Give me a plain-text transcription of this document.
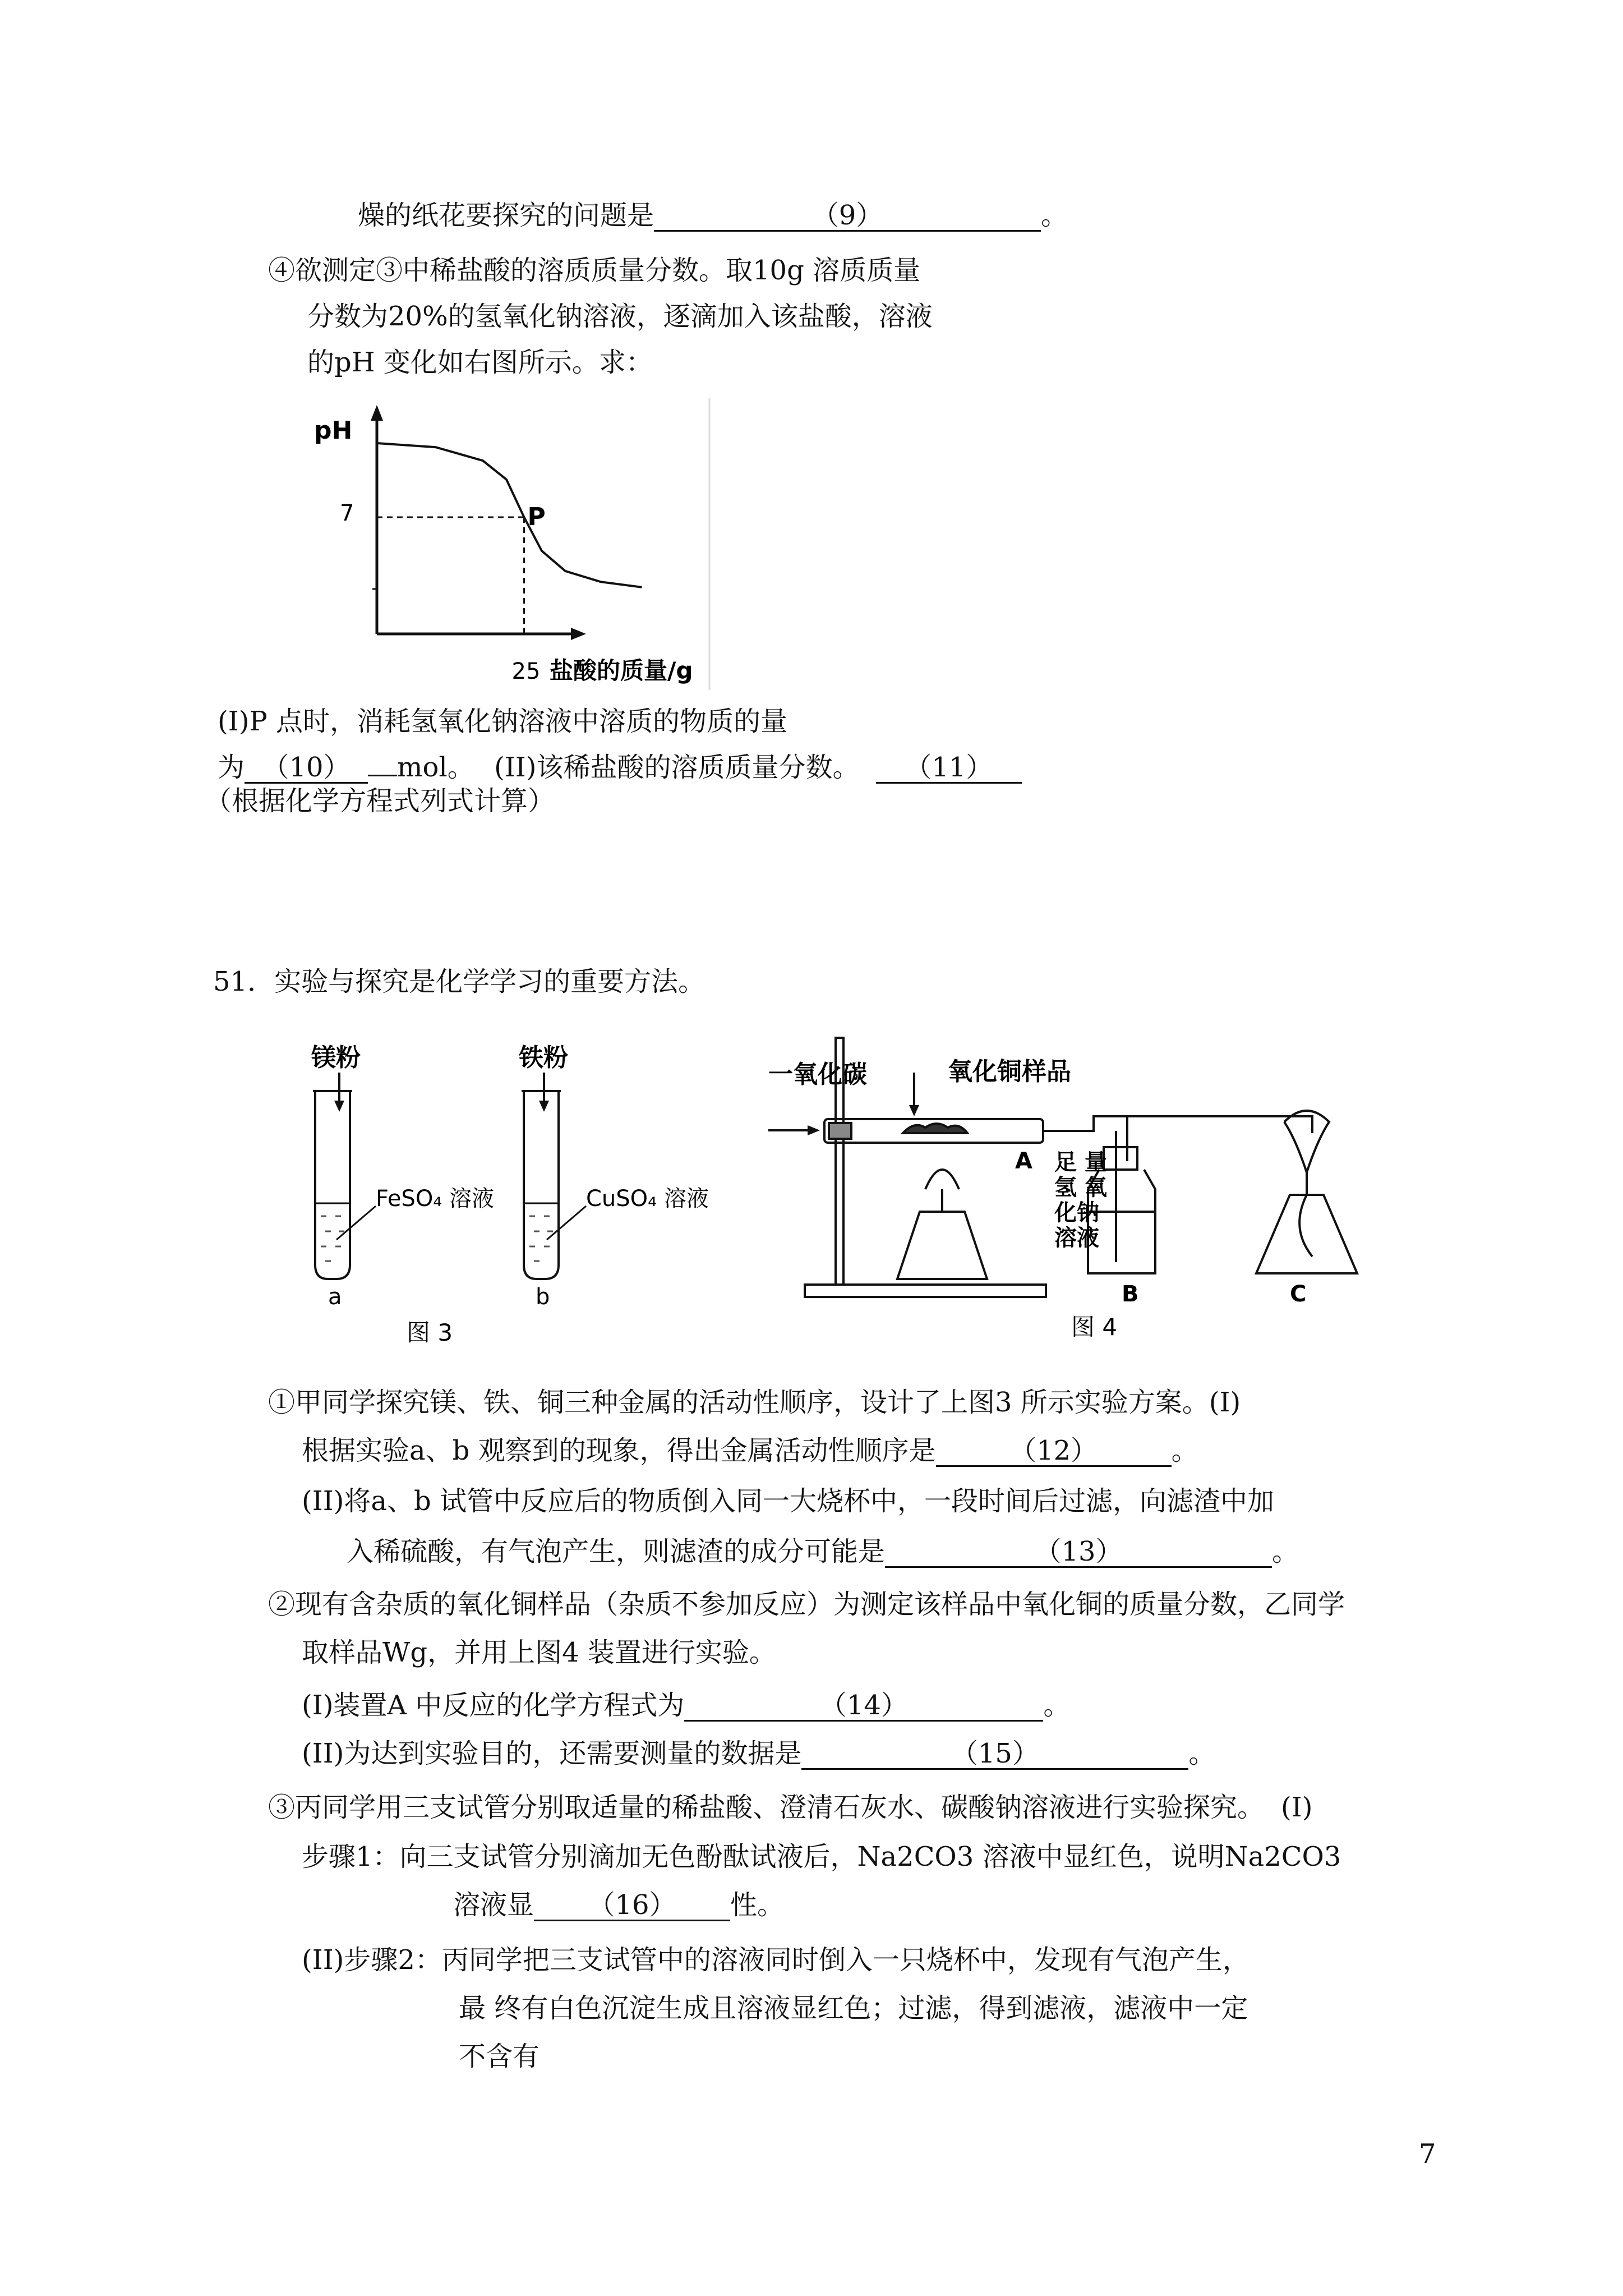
燥的纸花要探究的问题是	（9）	。
④欲测定③中稀盐酸的溶质质量分数。取10g 溶质质量
分数为20%的氢氧化钠溶液，逐滴加入该盐酸，溶液
的pH 变化如右图所示。求：
pH
7	P
25 盐酸的质量/g
(I)P 点时，消耗氢氧化钠溶液中溶质的物质的量
为 （10） mol。 (II)该稀盐酸的溶质质量分数。 （11）
（根据化学方程式列式计算）
51．实验与探究是化学学习的重要方法。
镁粉
FeSO₄ 溶液
a
图 3
铁粉
CuSO₄ 溶液
b
一氧化碳	氧化铜样品
A 足 量
氢 氧
化钠
溶液
B	C
图 4
①甲同学探究镁、铁、铜三种金属的活动性顺序，设计了上图3 所示实验方案。(I)
根据实验a、b 观察到的现象，得出金属活动性顺序是	（12）	。
(II)将a、b 试管中反应后的物质倒入同一大烧杯中，一段时间后过滤，向滤渣中加
入稀硫酸，有气泡产生，则滤渣的成分可能是	（13）	。
②现有含杂质的氧化铜样品（杂质不参加反应）为测定该样品中氧化铜的质量分数，乙同学
取样品Wg，并用上图4 装置进行实验。
(I)装置A 中反应的化学方程式为	（14）	。
(II)为达到实验目的，还需要测量的数据是	（15）	。
③丙同学用三支试管分别取适量的稀盐酸、澄清石灰水、碳酸钠溶液进行实验探究。 (I)
步骤1：向三支试管分别滴加无色酚酞试液后，Na2CO3 溶液中显红色，说明Na2CO3
溶液显 （16） 性。
(II)步骤2：丙同学把三支试管中的溶液同时倒入一只烧杯中，发现有气泡产生，
最 终有白色沉淀生成且溶液显红色；过滤，得到滤液，滤液中一定
不含有
7
